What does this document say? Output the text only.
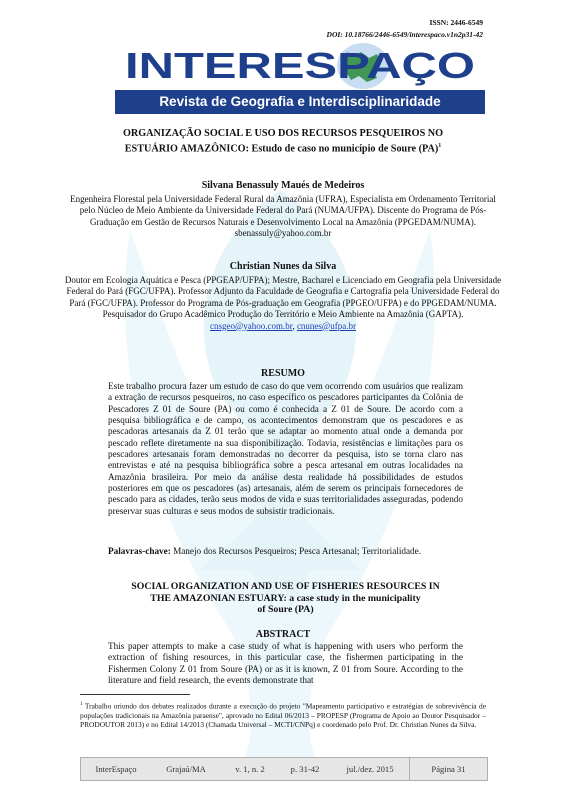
ISSN: 2446-6549
DOI: 10.18766/2446-6549/interespaco.v1n2p31-42
INTERESPAÇO
Revista de Geografia e Interdisciplinaridade
ORGANIZAÇÃO SOCIAL E USO DOS RECURSOS PESQUEIROS NO
ESTUÁRIO AMAZÔNICO: Estudo de caso no município de Soure (PA)$^1$
Silvana Benassuly Maués de Medeiros
Engenheira Florestal pela Universidade Federal Rural da Amazônia (UFRA), Especialista em Ordenamento Territorial pelo Núcleo de Meio Ambiente da Universidade Federal do Pará (NUMA/UFPA). Discente do Programa de Pós-Graduação em Gestão de Recursos Naturais e Desenvolvimento Local na Amazônia (PPGEDAM/NUMA).
sbenassuly@yahoo.com.br
Christian Nunes da Silva
Doutor em Ecologia Aquática e Pesca (PPGEAP/UFPA); Mestre, Bacharel e Licenciado em Geografia pela Universidade Federal do Pará (FGC/UFPA). Professor Adjunto da Faculdade de Geografia e Cartografia pela Universidade Federal do Pará (FGC/UFPA). Professor do Programa de Pós-graduação em Geografia (PPGEO/UFPA) e do PPGEDAM/NUMA. Pesquisador do Grupo Acadêmico Produção do Território e Meio Ambiente na Amazônia (GAPTA).
cnsgeo@yahoo.com.br, cnunes@ufpa.br
RESUMO
Este trabalho procura fazer um estudo de caso do que vem ocorrendo com usuários que realizam a extração de recursos pesqueiros, no caso específico os pescadores participantes da Colônia de Pescadores Z 01 de Soure (PA) ou como é conhecida a Z 01 de Soure. De acordo com a pesquisa bibliográfica e de campo, os acontecimentos demonstram que os pescadores e as pescadoras artesanais da Z 01 terão que se adaptar ao momento atual onde a demanda por pescado reflete diretamente na sua disponibilização. Todavia, resistências e limitações para os pescadores artesanais foram demonstradas no decorrer da pesquisa, isto se torna claro nas entrevistas e até na pesquisa bibliográfica sobre a pesca artesanal em outras localidades na Amazônia brasileira. Por meio da análise desta realidade há possibilidades de estudos posteriores em que os pescadores (as) artesanais, além de serem os principais fornecedores de pescado para as cidades, terão seus modos de vida e suas territorialidades asseguradas, podendo preservar suas culturas e seus modos de subsistir tradicionais.
Palavras-chave: Manejo dos Recursos Pesqueiros; Pesca Artesanal; Territorialidade.
SOCIAL ORGANIZATION AND USE OF FISHERIES RESOURCES IN
THE AMAZONIAN ESTUARY: a case study in the municipality
of Soure (PA)
ABSTRACT
This paper attempts to make a case study of what is happening with users who perform the extraction of fishing resources, in this particular case, the fishermen participating in the Fishermen Colony Z 01 from Soure (PA) or as it is known, Z 01 from Soure. According to the literature and field research, the events demonstrate that
$^1$ Trabalho oriundo dos debates realizados durante a execução do projeto "Mapeamento participativo e estratégias de sobrevivência de populações tradicionais na Amazônia paraense", aprovado no Edital 06/2013 – PROPESP (Programa de Apoio ao Doutor Pesquisador – PRODOUTOR 2013) e no Edital 14/2013 (Chamada Universal – MCTI/CNPq) e coordenado pelo Prof. Dr. Christian Nunes da Silva.
InterEspaço	Grajaú/MA	v. 1, n. 2	p. 31-42	jul./dez. 2015	Página 31
